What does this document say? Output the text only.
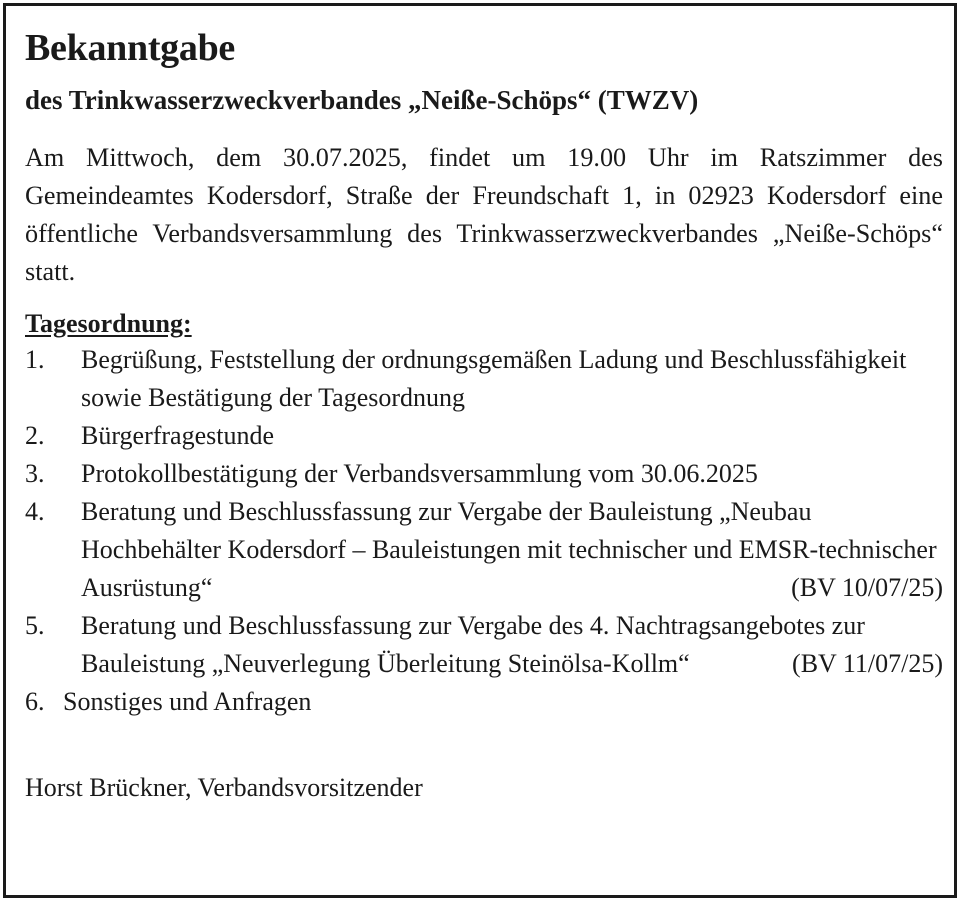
Bekanntgabe
des Trinkwasserzweckverbandes „Neiße-Schöps“ (TWZV)

Am Mittwoch, dem 30.07.2025, findet um 19.00 Uhr im Ratszimmer des Gemeindeamtes Kodersdorf, Straße der Freundschaft 1, in 02923 Kodersdorf eine öffentliche Verbandsversammlung des Trinkwasserzweckverbandes „Neiße-Schöps“ statt.

Tagesordnung:
1. Begrüßung, Feststellung der ordnungsgemäßen Ladung und Beschlussfähigkeit sowie Bestätigung der Tagesordnung
2. Bürgerfragestunde
3. Protokollbestätigung der Verbandsversammlung vom 30.06.2025
4. Beratung und Beschlussfassung zur Vergabe der Bauleistung „Neubau Hochbehälter Kodersdorf – Bauleistungen mit technischer und EMSR-technischer Ausrüstung“	(BV 10/07/25)
5. Beratung und Beschlussfassung zur Vergabe des 4. Nachtragsangebotes zur Bauleistung „Neuverlegung Überleitung Steinölsa-Kollm“	(BV 11/07/25)
6. Sonstiges und Anfragen
Horst Brückner, Verbandsvorsitzender
